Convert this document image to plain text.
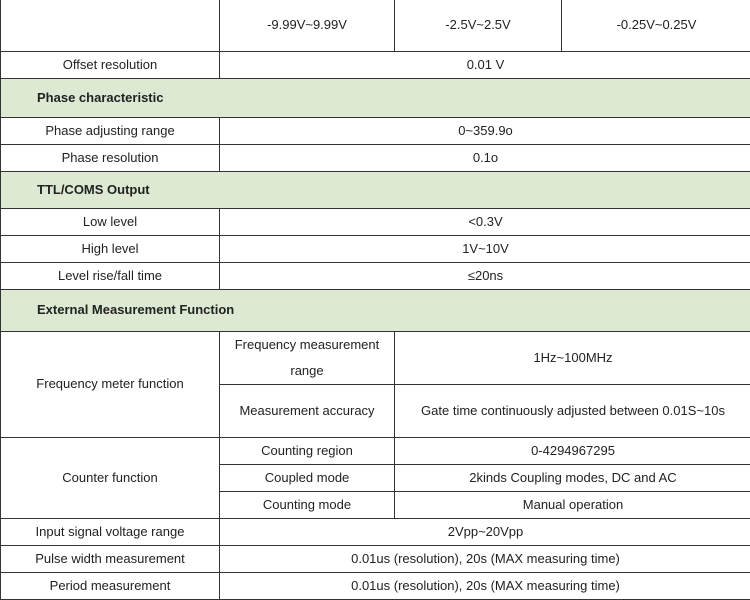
	-9.99V~9.99V	-2.5V~2.5V	-0.25V~0.25V
Offset resolution	0.01 V		
Phase characteristic			
Phase adjusting range	0~359.9o		
Phase resolution	0.1o		
TTL/COMS Output			
Low level	<0.3V		
High level	1V~10V		
Level rise/fall time	≤20ns		
External Measurement Function			
Frequency meter function	Frequency measurement range	1Hz~100MHz	
	Measurement accuracy	Gate time continuously adjusted between 0.01S~10s	
Counter function	Counting region	0-4294967295	
	Coupled mode	2kinds Coupling modes, DC and AC	
	Counting mode	Manual operation	
Input signal voltage range	2Vpp~20Vpp		
Pulse width measurement	0.01us (resolution), 20s (MAX measuring time)		
Period measurement	0.01us (resolution), 20s (MAX measuring time)		
